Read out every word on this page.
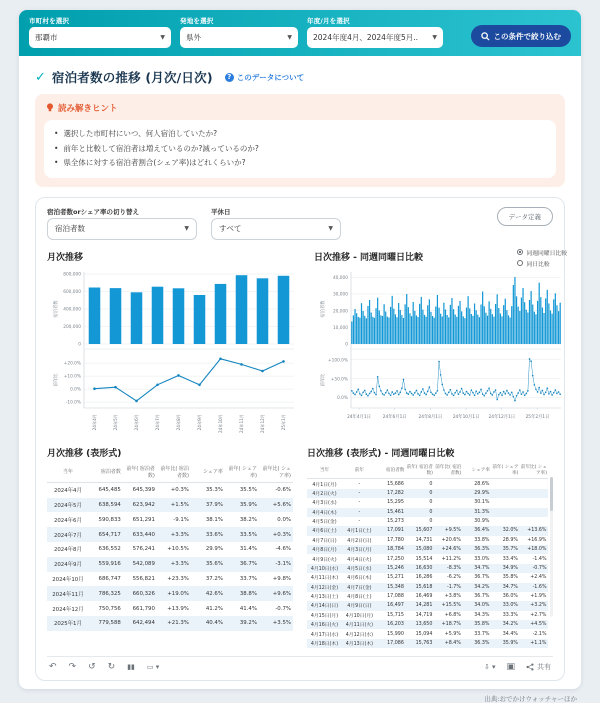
市町村を選択
那覇市	▼
発地を選択
県外	▼
年度/月を選択
2024年度4月、2024年度5月.. ▼	この条件で絞り込む
✓ 宿泊者数の推移 (月次/日次)	? このデータについて
読み解きヒント
• 選択した市町村にいつ、何人宿泊していたか?
• 前年と比較して宿泊者は増えているのか?減っているのか?
• 県全体に対する宿泊者割合(シェア率)はどれくらいか?
宿泊者数orシェア率の切り替え
宿泊者数	▼
平休日
すべて	▼
データ定義
月次推移
0
200,000
400,000
600,000
800,000
-10.0%
0.0%
+10.0%
+20.0%
宿泊者数
前年比
24年4月	24年5月	24年6月	24年7月	24年8月	24年9月	24年10月	24年11月	24年12月	25年1月
日次推移 - 同週同曜日比較	同週同曜日比較
同日比較
0
10,000
20,000
30,000
40,000
0.0%
+50.0%
+100.0%
宿泊者数
前年比
24年4月1日	24年6月1日	24年8月1日 24年10月1日 24年12月1日 25年2月1日
月次推移 (表形式)
当年	宿泊者数	前年( 宿泊者数)	前年比( 宿泊者数)	シェア率	前年( シェア率)	前年比( シェア率)
2024年4月	645,485	645,399	+0.3%	35.3%	35.5%	-0.6%
2024年5月	638,594	623,942	+1.5%	37.9%	35.9%	+5.6%
2024年6月	590,833	651,291	-9.1%	38.1%	38.2%	0.0%
2024年7月	654,717	633,440	+3.3%	33.6%	33.5%	+0.3%
2024年8月	636,552	576,241	+10.5%	29.9%	31.4%	-4.6%
2024年9月	559,916	542,089	+3.3%	35.6%	36.7%	-3.1%
2024年10月	686,747	556,821	+23.3%	37.2%	33.7%	+9.8%
2024年11月	786,325	660,326	+19.0%	42.6%	38.8%	+9.6%
2024年12月	750,756	661,790	+13.9%	41.2%	41.4%	-0.7%
2025年1月	779,588	642,494	+21.3%	40.4%	39.2%	+3.5%
日次推移 (表形式) - 同週同曜日比較
当年	前年	宿泊者数	前年( 宿泊者数)	前年比( 宿泊者数)	シェア率	前年( シェア率)	前年比( シェア率)
4月1日(月)	-	15,686	0		28.6%		
4月2日(火)	-	17,282	0		29.9%		
4月3日(水)	-	15,295	0		30.1%		
4月4日(木)	-	15,461	0		31.3%		
4月5日(金)	-	15,273	0		30.9%		
4月6日(土)	4月1日(土)	17,091	15,607	+9.5%	36.4%	32.0%	+13.6%
4月7日(日)	4月2日(日)	17,780	14,731	+20.6%	33.8%	28.9%	+16.9%
4月8日(月)	4月3日(月)	18,784	15,080	+24.6%	36.3%	35.7%	+18.0%
4月9日(火)	4月4日(火)	17,250	15,514	+11.2%	33.0%	33.4%	-1.4%
4月10日(水)	4月5日(水)	15,246	16,630	-8.3%	34.7%	34.9%	-0.7%
4月11日(木)	4月6日(木)	15,271	16,286	-6.2%	36.7%	35.8%	+2.4%
4月12日(金)	4月7日(金)	15,348	15,618	-1.7%	34.2%	34.7%	-1.6%
4月13日(土)	4月8日(土)	17,088	16,469	+3.8%	36.7%	36.0%	+1.9%
4月14日(日)	4月9日(日)	16,497	14,281	+15.5%	34.0%	33.0%	+3.2%
4月15日(月)	4月10日(月)	15,715	14,719	+6.8%	34.3%	33.3%	+2.7%
4月16日(火)	4月11日(火)	16,203	13,650	+18.7%	35.8%	34.2%	+4.5%
4月17日(水)	4月12日(水)	15,990	15,094	+5.9%	33.7%	34.4%	-2.1%
4月18日(木)	4月13日(木)	17,086	15,763	+8.4%	36.3%	35.9%	+1.1%
↶ ↷ ↺ ↻ ▮▮ ▭ ▾	⇩ ▾ ▣	共有
出典:おでかけウォッチャーほか
